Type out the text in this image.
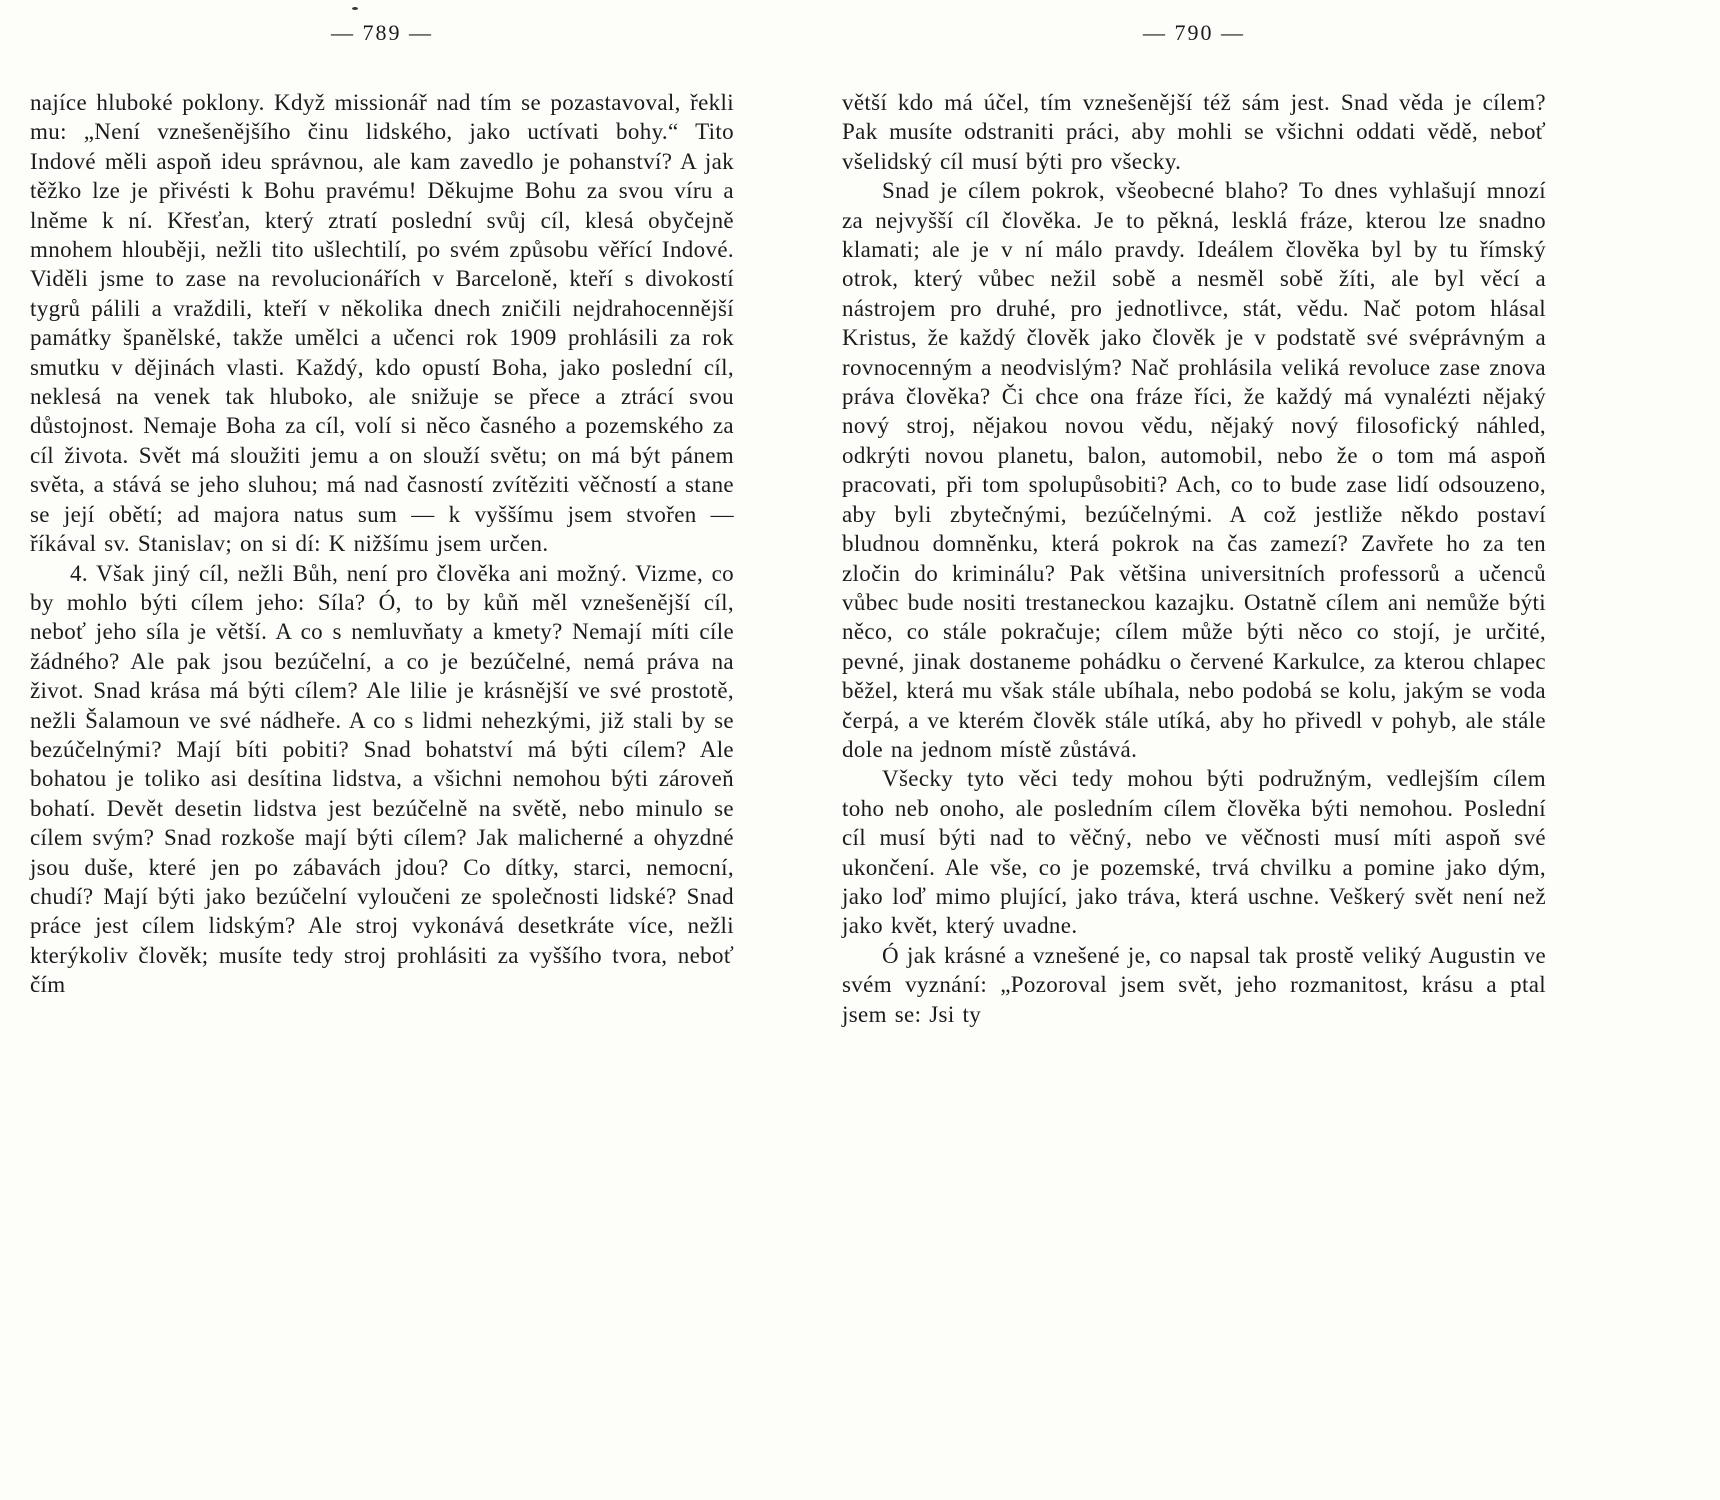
— 789 —

najíce hluboké poklony. Když missionář nad tím se pozastavoval, řekli mu: „Není vznešenějšího činu lidského, jako uctívati bohy.“ Tito Indové měli aspoň ideu správnou, ale kam zavedlo je pohanství? A jak těžko lze je přivésti k Bohu pravému! Děkujme Bohu za svou víru a lněme k ní. Křesťan, který ztratí poslední svůj cíl, klesá obyčejně mnohem hlouběji, nežli tito ušlechtilí, po svém způsobu věřící Indové. Viděli jsme to zase na revolucionářích v Barceloně, kteří s divokostí tygrů pálili a vraždili, kteří v několika dnech zničili nejdrahocennější památky španělské, takže umělci a učenci rok 1909 prohlásili za rok smutku v dějinách vlasti. Každý, kdo opustí Boha, jako poslední cíl, neklesá na venek tak hluboko, ale snižuje se přece a ztrácí svou důstojnost. Nemaje Boha za cíl, volí si něco časného a pozemského za cíl života. Svět má sloužiti jemu a on slouží světu; on má být pánem světa, a stává se jeho sluhou; má nad časností zvítěziti věčností a stane se její obětí; ad majora natus sum — k vyššímu jsem stvořen — říkával sv. Stanislav; on si dí: K nižšímu jsem určen.

4. Však jiný cíl, nežli Bůh, není pro člověka ani možný. Vizme, co by mohlo býti cílem jeho: Síla? Ó, to by kůň měl vznešenější cíl, neboť jeho síla je větší. A co s nemluvňaty a kmety? Nemají míti cíle žádného? Ale pak jsou bezúčelní, a co je bezúčelné, nemá práva na život. Snad krása má býti cílem? Ale lilie je krásnější ve své prostotě, nežli Šalamoun ve své nádheře. A co s lidmi nehezkými, již stali by se bezúčelnými? Mají bíti pobiti? Snad bohatství má býti cílem? Ale bohatou je toliko asi desítina lidstva, a všichni nemohou býti zároveň bohatí. Devět desetin lidstva jest bezúčelně na světě, nebo minulo se cílem svým? Snad rozkoše mají býti cílem? Jak malicherné a ohyzdné jsou duše, které jen po zábavách jdou? Co dítky, starci, nemocní, chudí? Mají býti jako bezúčelní vyloučeni ze společnosti lidské? Snad práce jest cílem lidským? Ale stroj vykonává desetkráte více, nežli kterýkoliv člověk; musíte tedy stroj prohlásiti za vyššího tvora, neboť čím

— 790 —

větší kdo má účel, tím vznešenější též sám jest. Snad věda je cílem? Pak musíte odstraniti práci, aby mohli se všichni oddati vědě, neboť všelidský cíl musí býti pro všecky.

Snad je cílem pokrok, všeobecné blaho? To dnes vyhlašují mnozí za nejvyšší cíl člověka. Je to pěkná, lesklá fráze, kterou lze snadno klamati; ale je v ní málo pravdy. Ideálem člověka byl by tu římský otrok, který vůbec nežil sobě a nesměl sobě žíti, ale byl věcí a nástrojem pro druhé, pro jednotlivce, stát, vědu. Nač potom hlásal Kristus, že každý člověk jako člověk je v podstatě své svéprávným a rovnocenným a neodvislým? Nač prohlásila veliká revoluce zase znova práva člověka? Či chce ona fráze říci, že každý má vynalézti nějaký nový stroj, nějakou novou vědu, nějaký nový filosofický náhled, odkrýti novou planetu, balon, automobil, nebo že o tom má aspoň pracovati, při tom spolupůsobiti? Ach, co to bude zase lidí odsouzeno, aby byli zbytečnými, bezúčelnými. A což jestliže někdo postaví bludnou domněnku, která pokrok na čas zamezí? Zavřete ho za ten zločin do kriminálu? Pak většina universitních professorů a učenců vůbec bude nositi trestaneckou kazajku. Ostatně cílem ani nemůže býti něco, co stále pokračuje; cílem může býti něco co stojí, je určité, pevné, jinak dostaneme pohádku o červené Karkulce, za kterou chlapec běžel, která mu však stále ubíhala, nebo podobá se kolu, jakým se voda čerpá, a ve kterém člověk stále utíká, aby ho přivedl v pohyb, ale stále dole na jednom místě zůstává.

Všecky tyto věci tedy mohou býti podružným, vedlejším cílem toho neb onoho, ale posledním cílem člověka býti nemohou. Poslední cíl musí býti nad to věčný, nebo ve věčnosti musí míti aspoň své ukončení. Ale vše, co je pozemské, trvá chvilku a pomine jako dým, jako loď mimo plující, jako tráva, která uschne. Veškerý svět není než jako květ, který uvadne.

Ó jak krásné a vznešené je, co napsal tak prostě veliký Augustin ve svém vyznání: „Pozoroval jsem svět, jeho rozmanitost, krásu a ptal jsem se: Jsi ty
